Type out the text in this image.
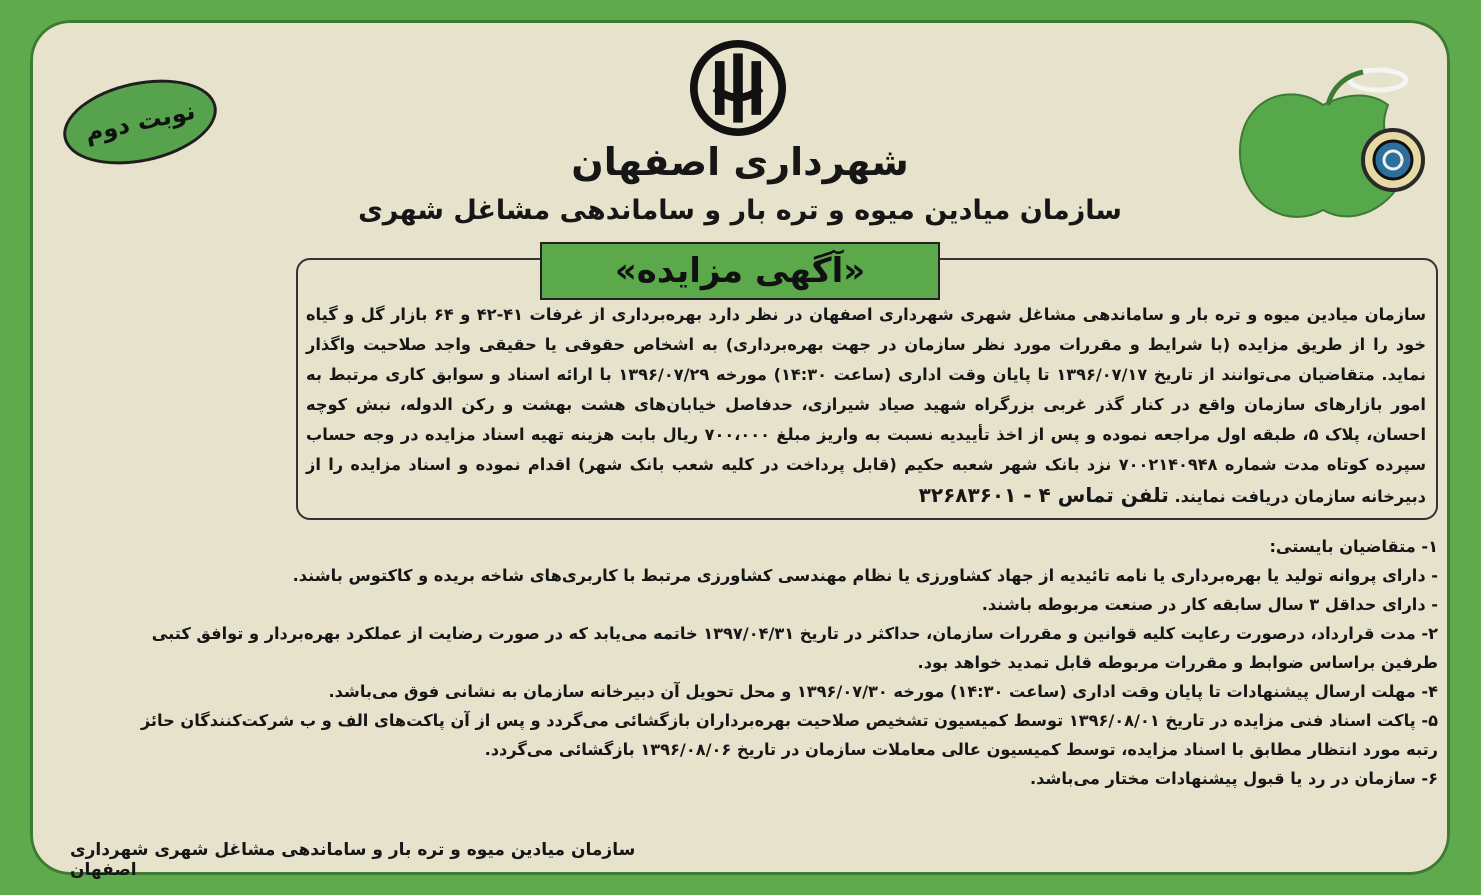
نوبت دوم
شهرداری اصفهان
سازمان میادین میوه و تره بار و ساماندهی مشاغل شهری
«آگهی مزایده»
سازمان میادین میوه و تره بار و ساماندهی مشاغل شهری شهرداری اصفهان در نظر دارد بهره‌برداری از غرفات ۴۱-۴۲ و ۶۴ بازار گل و گیاه خود را از طریق مزایده (با شرایط و مقررات مورد نظر سازمان در جهت بهره‌برداری) به اشخاص حقوقی یا حقیقی واجد صلاحیت واگذار نماید. متقاضیان می‌توانند از تاریخ ۱۳۹۶/۰۷/۱۷ تا پایان وقت اداری (ساعت ۱۴:۳۰) مورخه ۱۳۹۶/۰۷/۲۹ با ارائه اسناد و سوابق کاری مرتبط به امور بازارهای سازمان واقع در کنار گذر غربی بزرگراه شهید صیاد شیرازی، حدفاصل خیابان‌های هشت بهشت و رکن الدوله، نبش کوچه احسان، پلاک ۵، طبقه اول مراجعه نموده و پس از اخذ تأییدیه نسبت به واریز مبلغ ۷۰۰،۰۰۰ ریال بابت هزینه تهیه اسناد مزایده در وجه حساب سپرده کوتاه مدت شماره ۷۰۰۲۱۴۰۹۴۸ نزد بانک شهر شعبه حکیم (قابل پرداخت در کلیه شعب بانک شهر) اقدام نموده و اسناد مزایده را از دبیرخانه سازمان دریافت نمایند. تلفن تماس ۴ - ۳۲۶۸۳۶۰۱

۱- متقاضیان بایستی:

- دارای پروانه تولید یا بهره‌برداری یا نامه تائیدیه از جهاد کشاورزی یا نظام مهندسی کشاورزی مرتبط با کاربری‌های شاخه بریده و کاکتوس باشند.

- دارای حداقل ۳ سال سابقه کار در صنعت مربوطه باشند.

۲- مدت قرارداد، درصورت رعایت کلیه قوانین و مقررات سازمان، حداکثر در تاریخ ۱۳۹۷/۰۴/۳۱ خاتمه می‌یابد که در صورت رضایت از عملکرد بهره‌بردار و توافق کتبی طرفین براساس ضوابط و مقررات مربوطه قابل تمدید خواهد بود.

۴- مهلت ارسال پیشنهادات تا پایان وقت اداری (ساعت ۱۴:۳۰) مورخه ۱۳۹۶/۰۷/۳۰ و محل تحویل آن دبیرخانه سازمان به نشانی فوق می‌باشد.

۵- پاکت اسناد فنی مزایده در تاریخ ۱۳۹۶/۰۸/۰۱ توسط کمیسیون تشخیص صلاحیت بهره‌برداران بازگشائی می‌گردد و پس از آن پاکت‌های الف و ب شرکت‌کنندگان حائز رتبه مورد انتظار مطابق با اسناد مزایده، توسط کمیسیون عالی معاملات سازمان در تاریخ ۱۳۹۶/۰۸/۰۶ بازگشائی می‌گردد.

۶- سازمان در رد یا قبول پیشنهادات مختار می‌باشد.

سازمان میادین میوه و تره بار و ساماندهی مشاغل شهری شهرداری اصفهان
